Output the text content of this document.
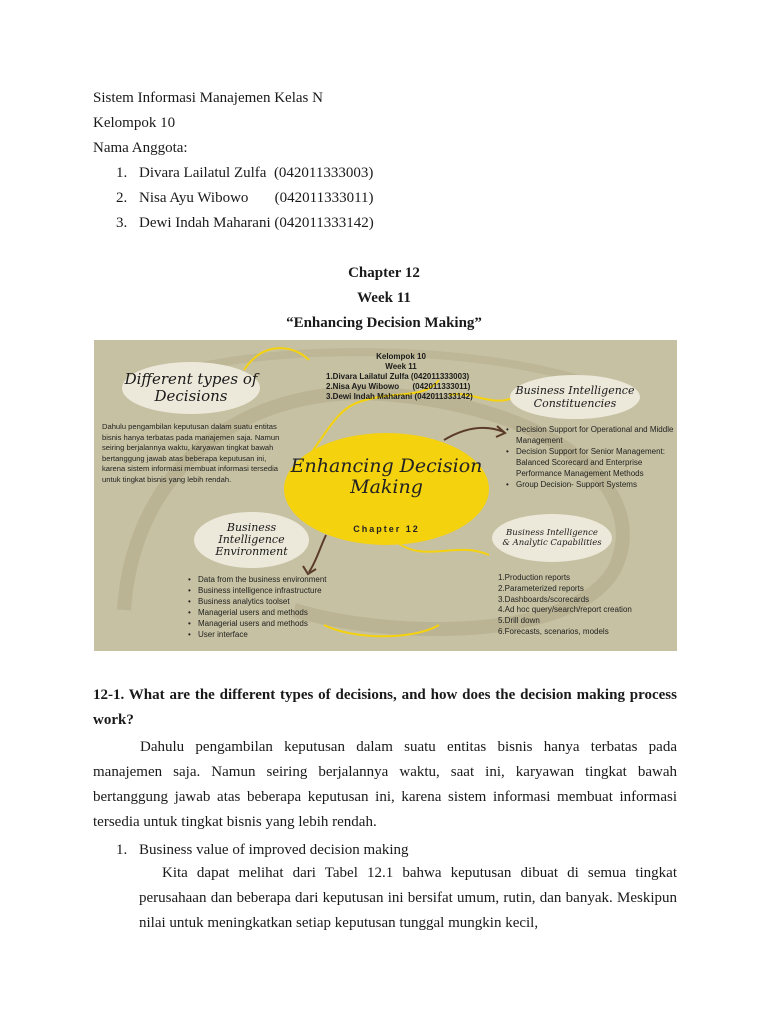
Sistem Informasi Manajemen Kelas N
Kelompok 10
Nama Anggota:
1. Divara Lailatul Zulfa  (042011333003)
2. Nisa Ayu Wibowo       (042011333011)
3. Dewi Indah Maharani (042011333142)
Chapter 12
Week 11
“Enhancing Decision Making”
Kelompok 10
Week 11
1.Divara Lailatul Zulfa (042011333003)
2.Nisa Ayu Wibowo      (042011333011)
3.Dewi Indah Maharani (042011333142)
Different types of Decisions
Dahulu pengambilan keputusan dalam suatu entitas bisnis hanya terbatas pada manajemen saja. Namun seiring berjalannya waktu, karyawan tingkat bawah bertanggung jawab atas beberapa keputusan ini, karena sistem informasi membuat informasi tersedia untuk tingkat bisnis yang lebih rendah.
Business Intelligence Constituencies
• Decision Support for Operational and Middle Management
• Decision Support for Senior Management: Balanced Scorecard and Enterprise Performance Management Methods
• Group Decision- Support Systems
Enhancing Decision Making
Chapter 12
Business Intelligence Environment
• Data from the business environment
• Business intelligence infrastructure
• Business analytics toolset
• Managerial users and methods
• Managerial users and methods
• User interface
Business Intelligence & Analytic Capabilities
1.Production reports
2.Parameterized reports
3.Dashboards/scorecards
4.Ad hoc query/search/report creation
5.Drill down
6.Forecasts, scenarios, models
12-1. What are the different types of decisions, and how does the decision making process work?
Dahulu pengambilan keputusan dalam suatu entitas bisnis hanya terbatas pada manajemen saja. Namun seiring berjalannya waktu, saat ini, karyawan tingkat bawah bertanggung jawab atas beberapa keputusan ini, karena sistem informasi membuat informasi tersedia untuk tingkat bisnis yang lebih rendah.
1. Business value of improved decision making
Kita dapat melihat dari Tabel 12.1 bahwa keputusan dibuat di semua tingkat perusahaan dan beberapa dari keputusan ini bersifat umum, rutin, dan banyak. Meskipun nilai untuk meningkatkan setiap keputusan tunggal mungkin kecil,
